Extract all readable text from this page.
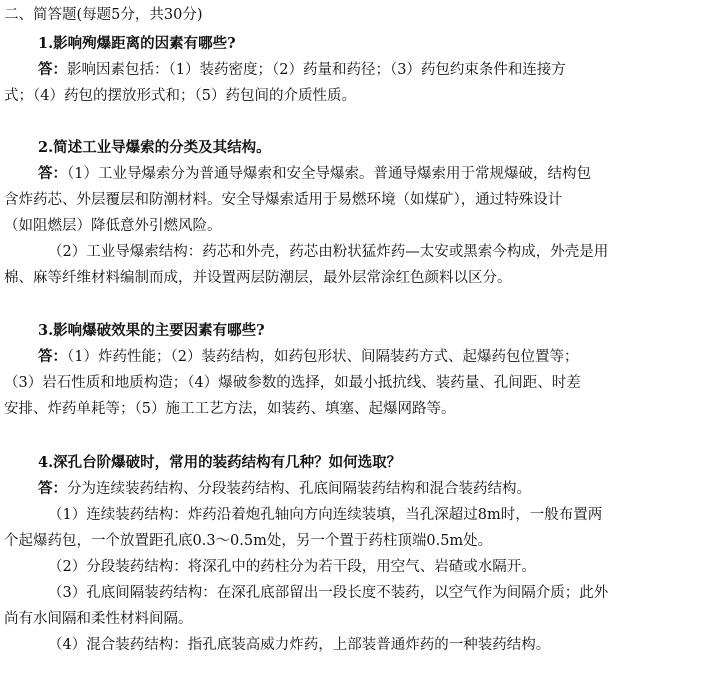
二、简答题(每题5分，共30分)
1.影响殉爆距离的因素有哪些?
答：影响因素包括：（1）装药密度；（2）药量和药径；（3）药包约束条件和连接方
式；（4）药包的摆放形式和；（5）药包间的介质性质。
2.简述工业导爆索的分类及其结构。
答：（1）工业导爆索分为普通导爆索和安全导爆索。普通导爆索用于常规爆破，结构包
含炸药芯、外层覆层和防潮材料。安全导爆索适用于易燃环境（如煤矿），通过特殊设计
（如阻燃层）降低意外引燃风险。
（2）工业导爆索结构：药芯和外壳，药芯由粉状猛炸药—太安或黑索今构成，外壳是用
棉、麻等纤维材料编制而成，并设置两层防潮层，最外层常涂红色颜料以区分。
3.影响爆破效果的主要因素有哪些?
答：（1）炸药性能；（2）装药结构，如药包形状、间隔装药方式、起爆药包位置等；
（3）岩石性质和地质构造；（4）爆破参数的选择，如最小抵抗线、装药量、孔间距、时差
安排、炸药单耗等；（5）施工工艺方法，如装药、填塞、起爆网路等。
4.深孔台阶爆破时，常用的装药结构有几种？如何选取？
答：分为连续装药结构、分段装药结构、孔底间隔装药结构和混合装药结构。
（1）连续装药结构：炸药沿着炮孔轴向方向连续装填，当孔深超过8m时，一般布置两
个起爆药包，一个放置距孔底0.3～0.5m处，另一个置于药柱顶端0.5m处。
（2）分段装药结构：将深孔中的药柱分为若干段，用空气、岩碴或水隔开。
（3）孔底间隔装药结构：在深孔底部留出一段长度不装药，以空气作为间隔介质；此外
尚有水间隔和柔性材料间隔。
（4）混合装药结构：指孔底装高威力炸药，上部装普通炸药的一种装药结构。
